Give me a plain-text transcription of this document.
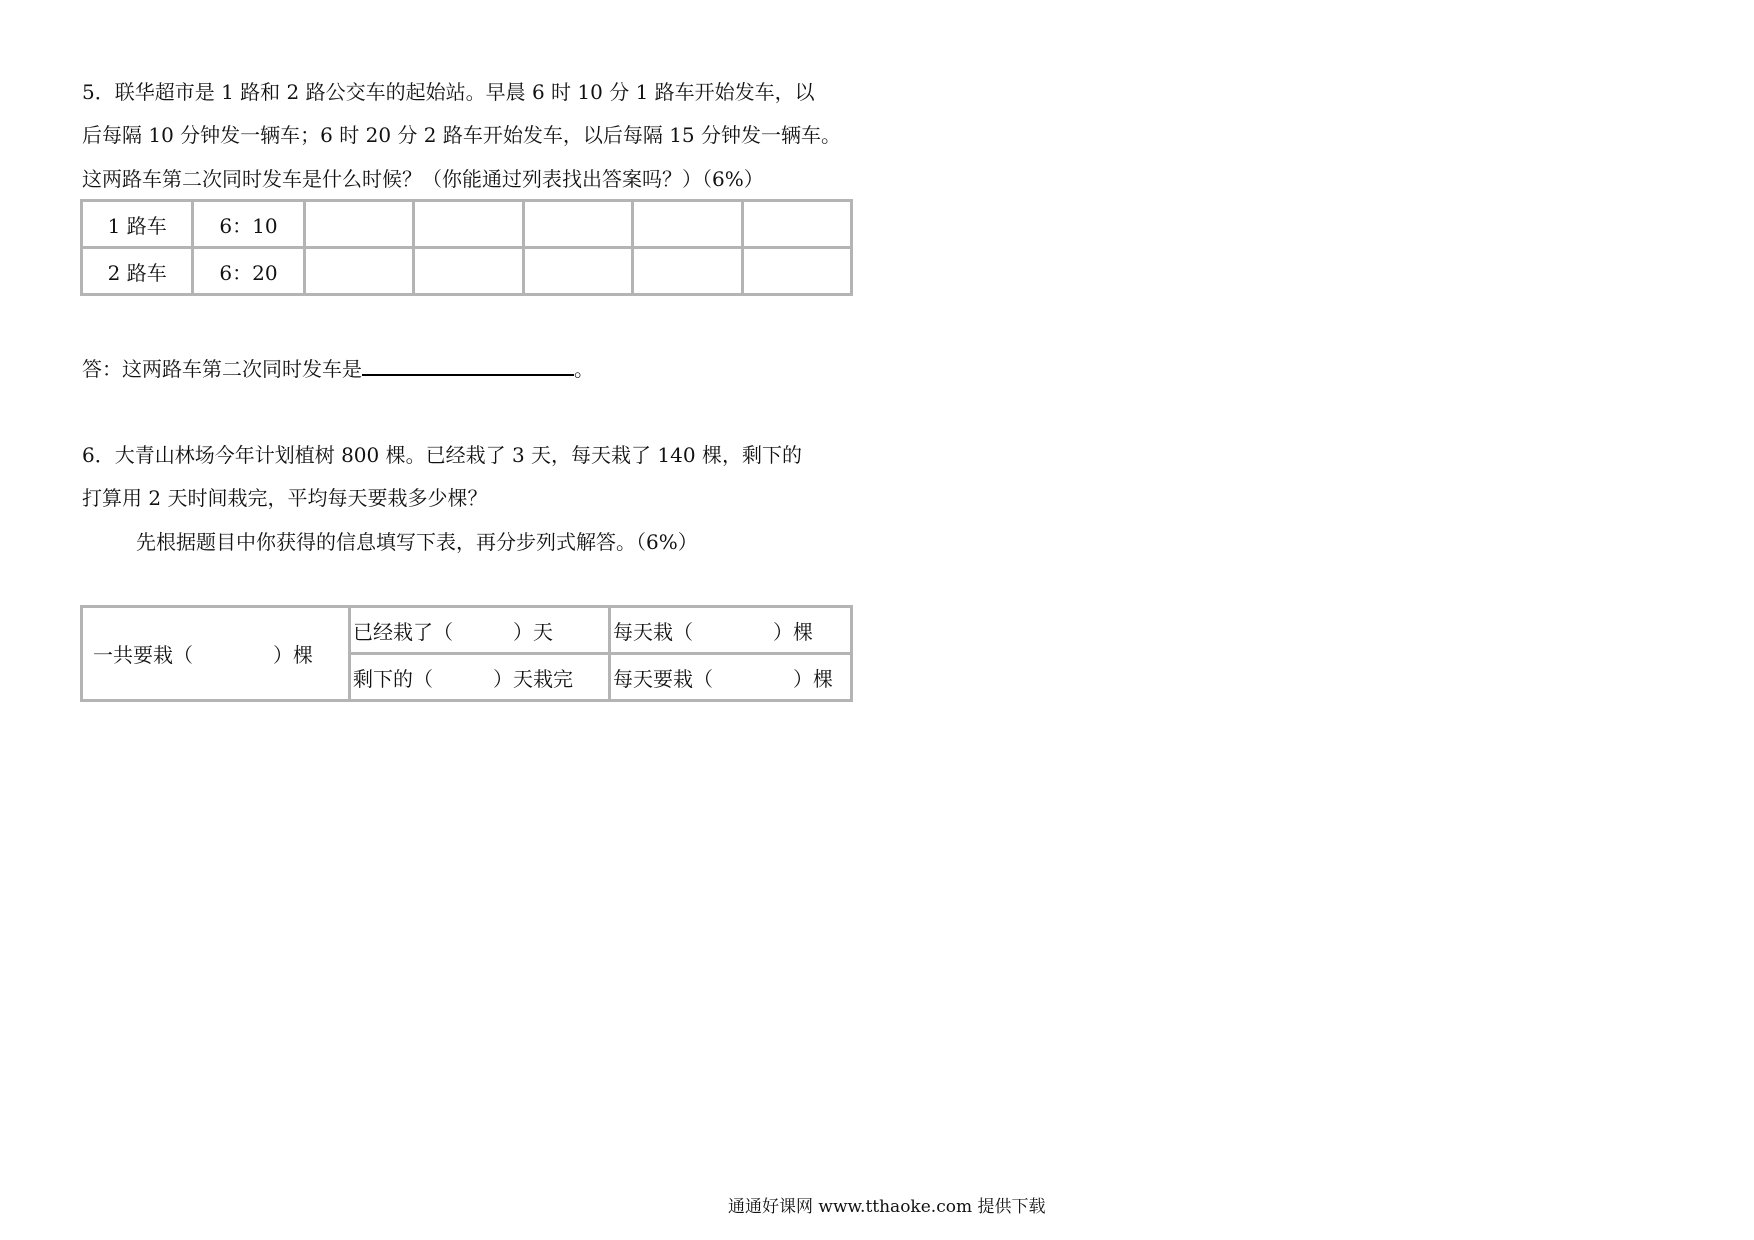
5．联华超市是 1 路和 2 路公交车的起始站。早晨 6 时 10 分 1 路车开始发车，以
后每隔 10 分钟发一辆车；6 时 20 分 2 路车开始发车，以后每隔 15 分钟发一辆车。
这两路车第二次同时发车是什么时候？（你能通过列表找出答案吗？）（6%）
1 路车	6：10					
2 路车	6：20					
答：这两路车第二次同时发车是	。
6．大青山林场今年计划植树 800 棵。已经栽了 3 天，每天栽了 140 棵，剩下的
打算用 2 天时间栽完，平均每天要栽多少棵？
先根据题目中你获得的信息填写下表，再分步列式解答。（6%）
一共要栽（　　　　）棵	已经栽了（　　　）天	每天栽（　　　　）棵
	剩下的（　　　）天栽完	每天要栽（　　　　）棵
通通好课网 www.tthaoke.com 提供下载
